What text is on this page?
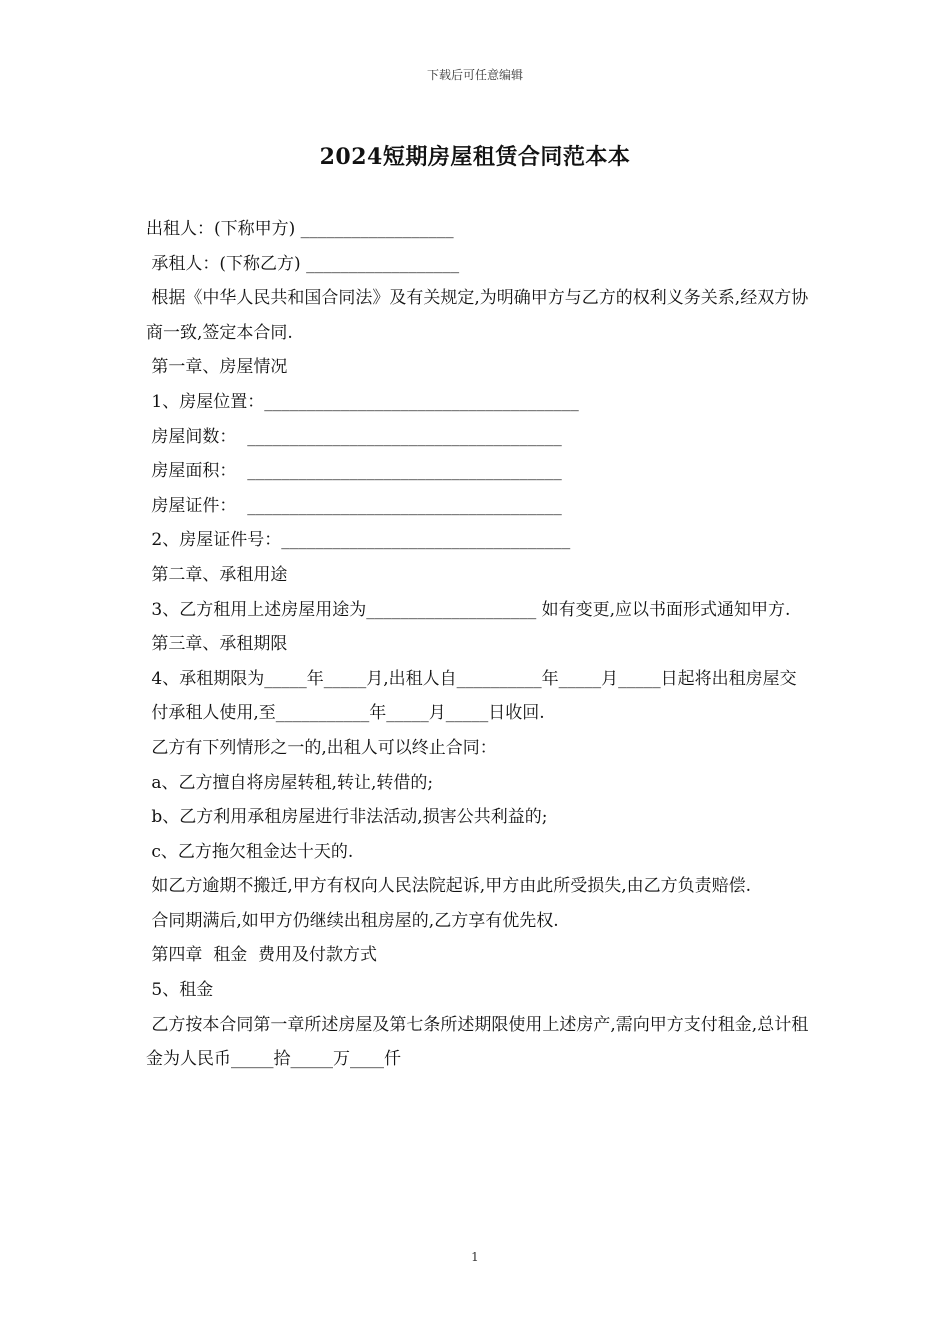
下载后可任意编辑
2024短期房屋租赁合同范本本

出租人：(下称甲方) __________________

承租人：(下称乙方) __________________

根据《中华人民共和国合同法》及有关规定,为明确甲方与乙方的权利义务关系,经双方协商一致,签定本合同.

第一章、房屋情况

1、房屋位置：_____________________________________

房屋间数：  _____________________________________

房屋面积：  _____________________________________

房屋证件：  _____________________________________

2、房屋证件号：__________________________________

第二章、承租用途

3、乙方租用上述房屋用途为____________________ 如有变更,应以书面形式通知甲方.

第三章、承租期限

4、承租期限为_____年_____月,出租人自__________年_____月_____日起将出租房屋交

付承租人使用,至___________年_____月_____日收回.

乙方有下列情形之一的,出租人可以终止合同：

a、乙方擅自将房屋转租,转让,转借的;

b、乙方利用承租房屋进行非法活动,损害公共利益的;

c、乙方拖欠租金达十天的.

如乙方逾期不搬迁,甲方有权向人民法院起诉,甲方由此所受损失,由乙方负责赔偿.

合同期满后,如甲方仍继续出租房屋的,乙方享有优先权.

第四章  租金  费用及付款方式

5、租金

乙方按本合同第一章所述房屋及第七条所述期限使用上述房产,需向甲方支付租金,总计租金为人民币_____拾_____万____仟

1
